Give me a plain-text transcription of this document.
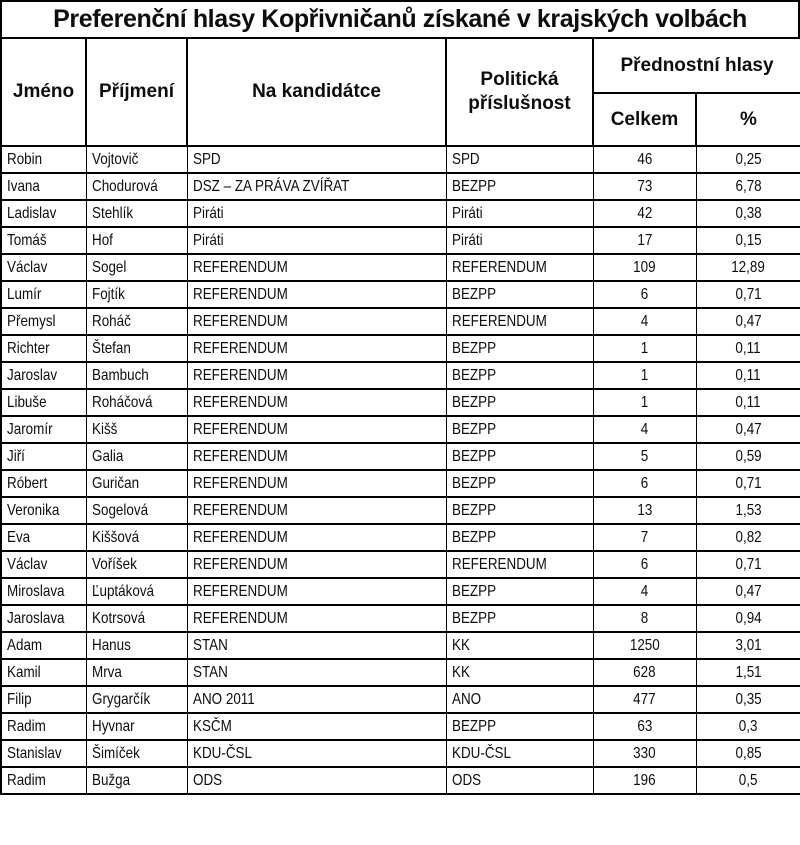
Preferenční hlasy Kopřivničanů získané v krajských volbách
Jméno	Příjmení	Na kandidátce	Politická příslušnost	Přednostní hlasy	
				Celkem	%
Robin	Vojtovič	SPD	SPD	46	0,25
Ivana	Chodurová	DSZ – ZA PRÁVA ZVÍŘAT	BEZPP	73	6,78
Ladislav	Stehlík	Piráti	Piráti	42	0,38
Tomáš	Hof	Piráti	Piráti	17	0,15
Václav	Sogel	REFERENDUM	REFERENDUM	109	12,89
Lumír	Fojtík	REFERENDUM	BEZPP	6	0,71
Přemysl	Roháč	REFERENDUM	REFERENDUM	4	0,47
Richter	Štefan	REFERENDUM	BEZPP	1	0,11
Jaroslav	Bambuch	REFERENDUM	BEZPP	1	0,11
Libuše	Roháčová	REFERENDUM	BEZPP	1	0,11
Jaromír	Kišš	REFERENDUM	BEZPP	4	0,47
Jiří	Galia	REFERENDUM	BEZPP	5	0,59
Róbert	Guričan	REFERENDUM	BEZPP	6	0,71
Veronika	Sogelová	REFERENDUM	BEZPP	13	1,53
Eva	Kiššová	REFERENDUM	BEZPP	7	0,82
Václav	Voříšek	REFERENDUM	REFERENDUM	6	0,71
Miroslava	Ľuptáková	REFERENDUM	BEZPP	4	0,47
Jaroslava	Kotrsová	REFERENDUM	BEZPP	8	0,94
Adam	Hanus	STAN	KK	1250	3,01
Kamil	Mrva	STAN	KK	628	1,51
Filip	Grygarčík	ANO 2011	ANO	477	0,35
Radim	Hyvnar	KSČM	BEZPP	63	0,3
Stanislav	Šimíček	KDU-ČSL	KDU-ČSL	330	0,85
Radim	Bužga	ODS	ODS	196	0,5
